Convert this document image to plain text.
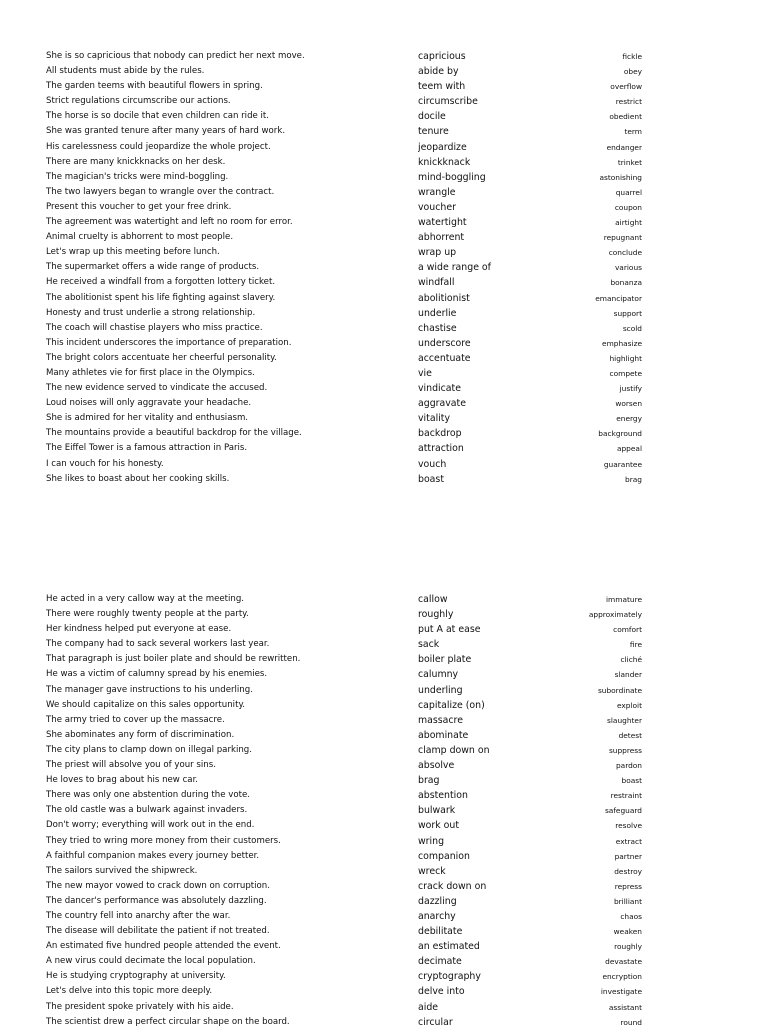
She is so capricious that nobody can predict her next move.	capricious	fickle
All students must abide by the rules.	abide by	obey
The garden teems with beautiful flowers in spring.	teem with	overflow
Strict regulations circumscribe our actions.	circumscribe	restrict
The horse is so docile that even children can ride it.	docile	obedient
She was granted tenure after many years of hard work.	tenure	term
His carelessness could jeopardize the whole project.	jeopardize	endanger
There are many knickknacks on her desk.	knickknack	trinket
The magician's tricks were mind-boggling.	mind-boggling	astonishing
The two lawyers began to wrangle over the contract.	wrangle	quarrel
Present this voucher to get your free drink.	voucher	coupon
The agreement was watertight and left no room for error.	watertight	airtight
Animal cruelty is abhorrent to most people.	abhorrent	repugnant
Let's wrap up this meeting before lunch.	wrap up	conclude
The supermarket offers a wide range of products.	a wide range of	various
He received a windfall from a forgotten lottery ticket.	windfall	bonanza
The abolitionist spent his life fighting against slavery.	abolitionist	emancipator
Honesty and trust underlie a strong relationship.	underlie	support
The coach will chastise players who miss practice.	chastise	scold
This incident underscores the importance of preparation.	underscore	emphasize
The bright colors accentuate her cheerful personality.	accentuate	highlight
Many athletes vie for first place in the Olympics.	vie	compete
The new evidence served to vindicate the accused.	vindicate	justify
Loud noises will only aggravate your headache.	aggravate	worsen
She is admired for her vitality and enthusiasm.	vitality	energy
The mountains provide a beautiful backdrop for the village.	backdrop	background
The Eiffel Tower is a famous attraction in Paris.	attraction	appeal
I can vouch for his honesty.	vouch	guarantee
She likes to boast about her cooking skills.	boast	brag
He acted in a very callow way at the meeting.	callow	immature
There were roughly twenty people at the party.	roughly	approximately
Her kindness helped put everyone at ease.	put A at ease	comfort
The company had to sack several workers last year.	sack	fire
That paragraph is just boiler plate and should be rewritten.	boiler plate	cliché
He was a victim of calumny spread by his enemies.	calumny	slander
The manager gave instructions to his underling.	underling	subordinate
We should capitalize on this sales opportunity.	capitalize (on)	exploit
The army tried to cover up the massacre.	massacre	slaughter
She abominates any form of discrimination.	abominate	detest
The city plans to clamp down on illegal parking.	clamp down on	suppress
The priest will absolve you of your sins.	absolve	pardon
He loves to brag about his new car.	brag	boast
There was only one abstention during the vote.	abstention	restraint
The old castle was a bulwark against invaders.	bulwark	safeguard
Don't worry; everything will work out in the end.	work out	resolve
They tried to wring more money from their customers.	wring	extract
A faithful companion makes every journey better.	companion	partner
The sailors survived the shipwreck.	wreck	destroy
The new mayor vowed to crack down on corruption.	crack down on	repress
The dancer's performance was absolutely dazzling.	dazzling	brilliant
The country fell into anarchy after the war.	anarchy	chaos
The disease will debilitate the patient if not treated.	debilitate	weaken
An estimated five hundred people attended the event.	an estimated	roughly
A new virus could decimate the local population.	decimate	devastate
He is studying cryptography at university.	cryptography	encryption
Let's delve into this topic more deeply.	delve into	investigate
The president spoke privately with his aide.	aide	assistant
The scientist drew a perfect circular shape on the board.	circular	round
